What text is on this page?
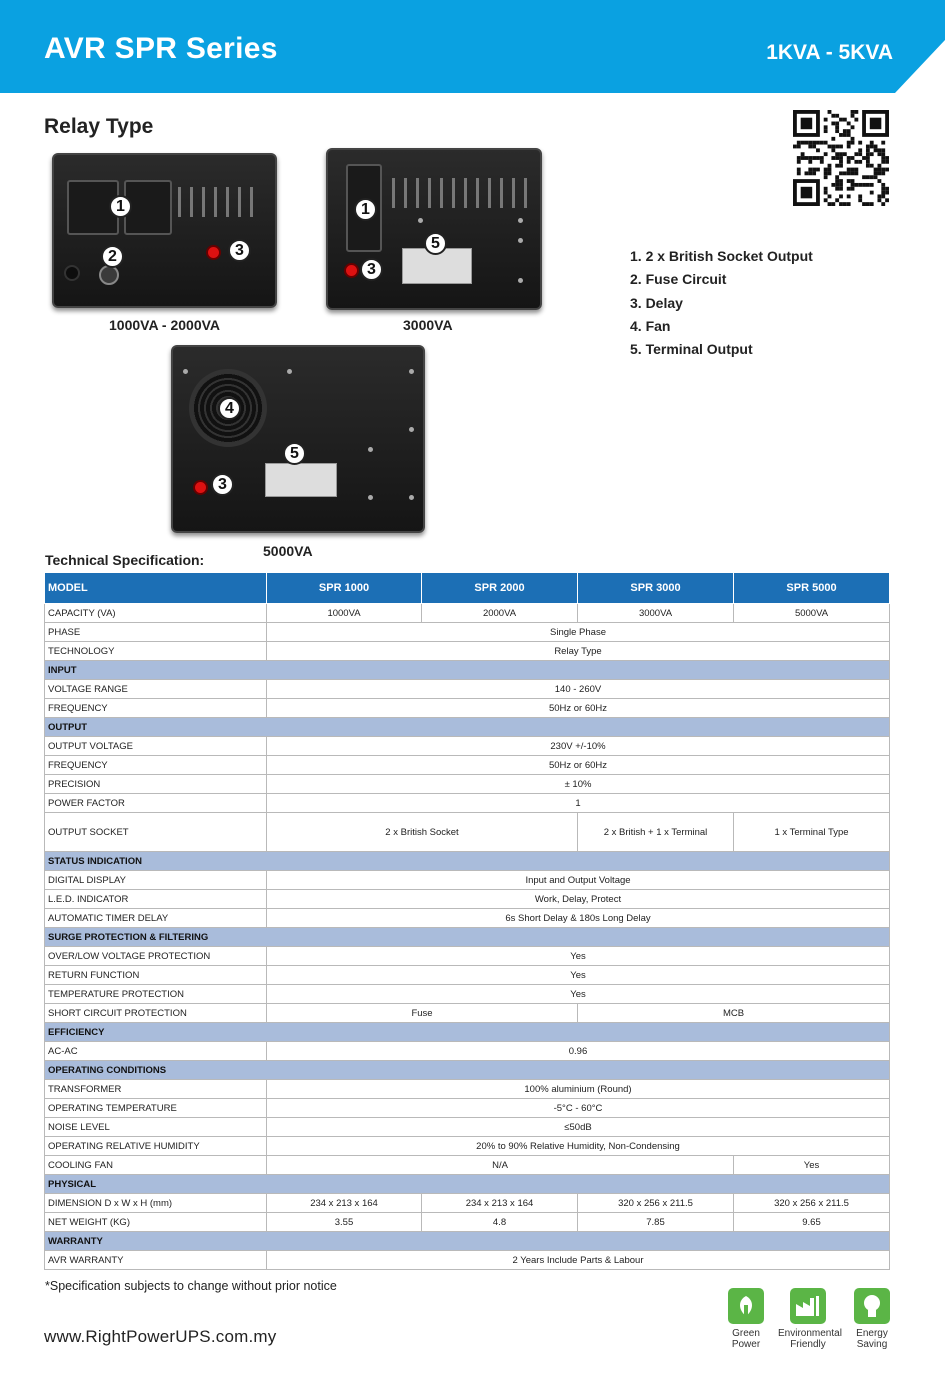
AVR SPR Series	1KVA - 5KVA
Relay Type
1
2	3
1000VA - 2000VA
1
5
3
3000VA
1. 2 x British Socket Output
2. Fuse Circuit
3. Delay
4. Fan
5. Terminal Output
4
5
3
5000VA
Technical Specification:
MODEL	SPR 1000	SPR 2000	SPR 3000	SPR 5000
CAPACITY (VA)	1000VA	2000VA	3000VA	5000VA
PHASE	Single Phase			
TECHNOLOGY	Relay Type			
INPUT				
VOLTAGE RANGE	140 - 260V			
FREQUENCY	50Hz or 60Hz			
OUTPUT				
OUTPUT VOLTAGE	230V +/-10%			
FREQUENCY	50Hz or 60Hz			
PRECISION	± 10%			
POWER FACTOR	1			
OUTPUT SOCKET	2 x British Socket		2 x British + 1 x Terminal	1 x Terminal Type
STATUS INDICATION				
DIGITAL DISPLAY	Input and Output Voltage			
L.E.D. INDICATOR	Work, Delay, Protect			
AUTOMATIC TIMER DELAY	6s Short Delay & 180s Long Delay			
SURGE PROTECTION & FILTERING				
OVER/LOW VOLTAGE PROTECTION	Yes			
RETURN FUNCTION	Yes			
TEMPERATURE PROTECTION	Yes			
SHORT CIRCUIT PROTECTION	Fuse		MCB	
EFFICIENCY				
AC-AC	0.96			
OPERATING CONDITIONS				
TRANSFORMER	100% aluminium (Round)			
OPERATING TEMPERATURE	-5°C - 60°C			
NOISE LEVEL	≤50dB			
OPERATING RELATIVE HUMIDITY	20% to 90% Relative Humidity, Non-Condensing			
COOLING FAN	N/A			Yes
PHYSICAL				
DIMENSION D x W x H (mm)	234 x 213 x 164	234 x 213 x 164	320 x 256 x 211.5	320 x 256 x 211.5
NET WEIGHT (KG)	3.55	4.8	7.85	9.65
WARRANTY				
AVR WARRANTY	2 Years Include Parts & Labour			
*Specification subjects to change without prior notice
www.RightPowerUPS.com.my	Green
Power
Environmental
Friendly
Energy
Saving
